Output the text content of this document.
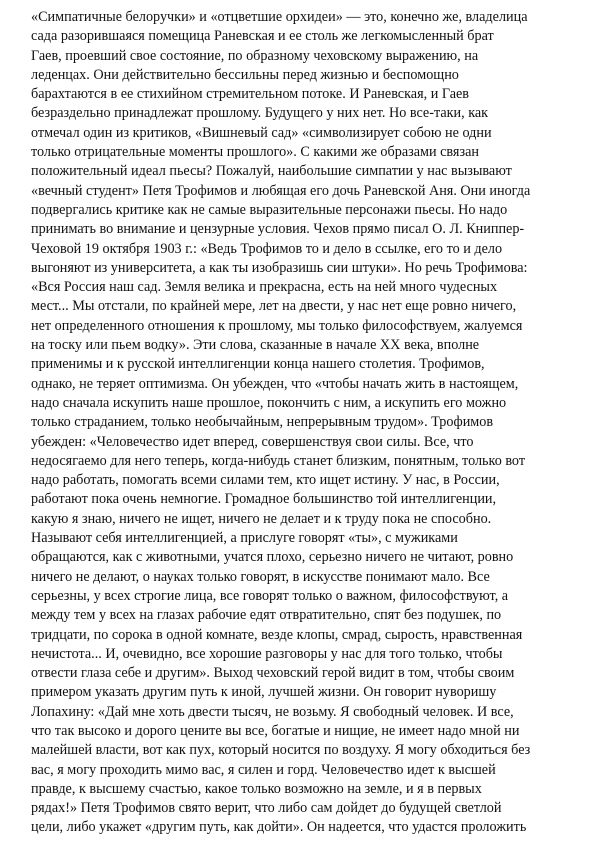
«Симпатичные белоручки» и «отцветшие орхидеи» — это, конечно же, владелица
сада разорившаяся помещица Раневская и ее столь же легкомысленный брат
Гаев, проевший свое состояние, по образному чеховскому выражению, на
леденцах. Они действительно бессильны перед жизнью и беспомощно
барахтаются в ее стихийном стремительном потоке. И Раневская, и Гаев
безраздельно принадлежат прошлому. Будущего у них нет. Но все-таки, как
отмечал один из критиков, «Вишневый сад» «символизирует собою не одни
только отрицательные моменты прошлого». С какими же образами связан
положительный идеал пьесы? Пожалуй, наибольшие симпатии у нас вызывают
«вечный студент» Петя Трофимов и любящая его дочь Раневской Аня. Они иногда
подвергались критике как не самые выразительные персонажи пьесы. Но надо
принимать во внимание и цензурные условия. Чехов прямо писал О. Л. Книппер-
Чеховой 19 октября 1903 г.: «Ведь Трофимов то и дело в ссылке, его то и дело
выгоняют из университета, а как ты изобразишь сии штуки». Но речь Трофимова:
«Вся Россия наш сад. Земля велика и прекрасна, есть на ней много чудесных
мест... Мы отстали, по крайней мере, лет на двести, у нас нет еще ровно ничего,
нет определенного отношения к прошлому, мы только философствуем, жалуемся
на тоску или пьем водку». Эти слова, сказанные в начале XX века, вполне
применимы и к русской интеллигенции конца нашего столетия. Трофимов,
однако, не теряет оптимизма. Он убежден, что «чтобы начать жить в настоящем,
надо сначала искупить наше прошлое, покончить с ним, а искупить его можно
только страданием, только необычайным, непрерывным трудом». Трофимов
убежден: «Человечество идет вперед, совершенствуя свои силы. Все, что
недосягаемо для него теперь, когда-нибудь станет близким, понятным, только вот
надо работать, помогать всеми силами тем, кто ищет истину. У нас, в России,
работают пока очень немногие. Громадное большинство той интеллигенции,
какую я знаю, ничего не ищет, ничего не делает и к труду пока не способно.
Называют себя интеллигенцией, а прислуге говорят «ты», с мужиками
обращаются, как с животными, учатся плохо, серьезно ничего не читают, ровно
ничего не делают, о науках только говорят, в искусстве понимают мало. Все
серьезны, у всех строгие лица, все говорят только о важном, философствуют, а
между тем у всех на глазах рабочие едят отвратительно, спят без подушек, по
тридцати, по сорока в одной комнате, везде клопы, смрад, сырость, нравственная
нечистота... И, очевидно, все хорошие разговоры у нас для того только, чтобы
отвести глаза себе и другим». Выход чеховский герой видит в том, чтобы своим
примером указать другим путь к иной, лучшей жизни. Он говорит нуворишу
Лопахину: «Дай мне хоть двести тысяч, не возьму. Я свободный человек. И все,
что так высоко и дорого цените вы все, богатые и нищие, не имеет надо мной ни
малейшей власти, вот как пух, который носится по воздуху. Я могу обходиться без
вас, я могу проходить мимо вас, я силен и горд. Человечество идет к высшей
правде, к высшему счастью, какое только возможно на земле, и я в первых
рядах!» Петя Трофимов свято верит, что либо сам дойдет до будущей светлой
цели, либо укажет «другим путь, как дойти». Он надеется, что удастся проложить
